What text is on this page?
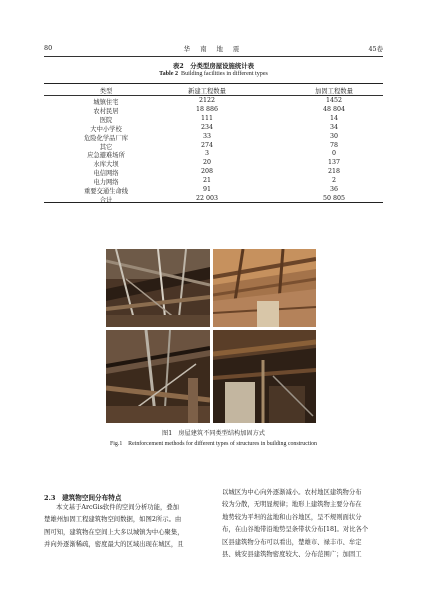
80	华 南 地 震	45卷
表2　分类型房屋设施统计表
Table 2 Building facilities in different types
类型	新建工程数量	加固工程数量
城镇住宅	2122	1452
农村民居	18 886	48 804
医院	111	14
大中小学校	234	34
危险化学品厂库	33	30
其它	274	78
应急避难场所	3	0
水库大坝	20	137
电信网络	208	218
电力网络	21	2
重要交通生命线	91	36
合计	22 003	50 805
图1　房屋建筑不同类型结构加固方式
Fig.1　Reinforcement methods for different types of structures in building construction
2.3　建筑物空间分布特点

本文基于ArcGis软件的空间分析功能，叠加

楚雄州加固工程建筑物空间数据，如图2所示。由

图可知，建筑物在空间上大多以城镇为中心聚集，

并向外逐渐稀疏，密度最大的区域出现在城区，且

以城区为中心向外逐渐减小。农村地区建筑物分布

较为分散，无明显规律；地形上建筑物主要分布在

地势较为平坦的盆地和山谷地区，呈不规则面状分

布，在山谷地带沿地势呈条带状分布[18]。对比各个

区县建筑物分布可以看出，楚雄市、禄丰市、牟定

县、姚安县建筑物密度较大、分布范围广；加固工
